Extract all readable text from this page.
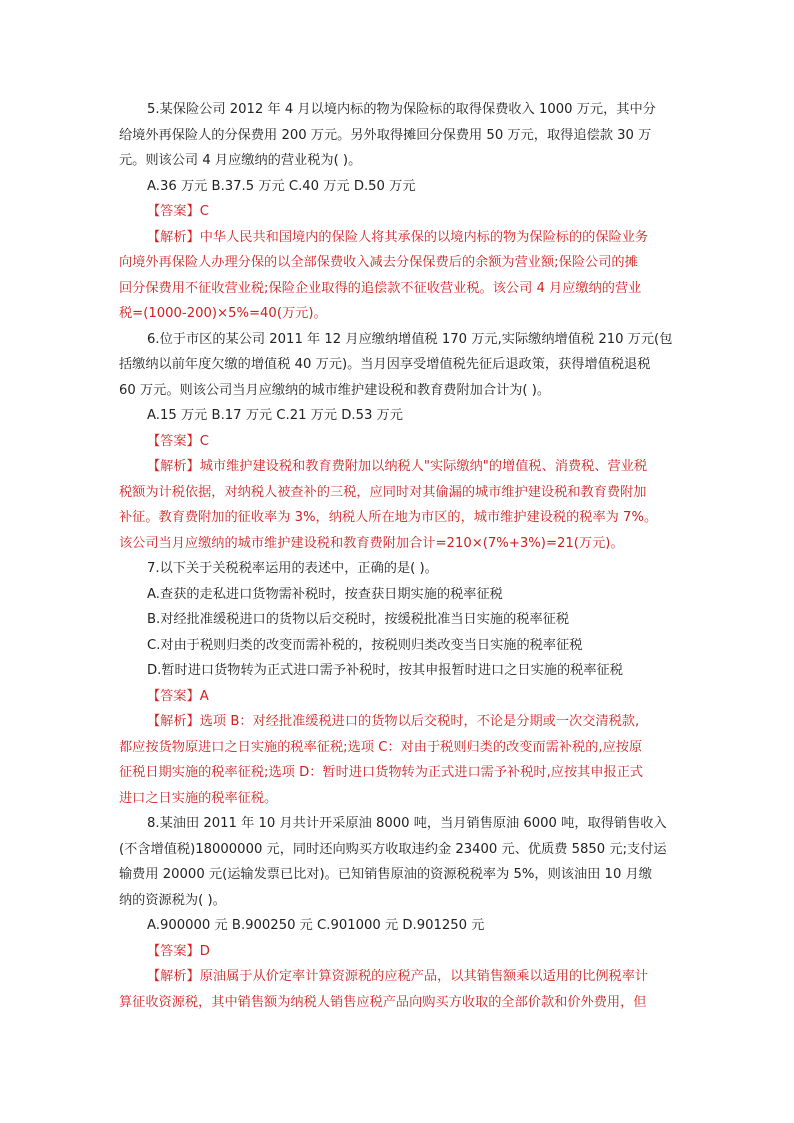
5.某保险公司 2012 年 4 月以境内标的物为保险标的取得保费收入 1000 万元，其中分
给境外再保险人的分保费用 200 万元。另外取得摊回分保费用 50 万元，取得追偿款 30 万
元。则该公司 4 月应缴纳的营业税为( )。
A.36 万元 B.37.5 万元 C.40 万元 D.50 万元
【答案】C
【解析】中华人民共和国境内的保险人将其承保的以境内标的物为保险标的的保险业务
向境外再保险人办理分保的以全部保费收入减去分保保费后的余额为营业额;保险公司的摊
回分保费用不征收营业税;保险企业取得的追偿款不征收营业税。该公司 4 月应缴纳的营业
税=(1000-200)×5%=40(万元)。
6.位于市区的某公司 2011 年 12 月应缴纳增值税 170 万元,实际缴纳增值税 210 万元(包
括缴纳以前年度欠缴的增值税 40 万元)。当月因享受增值税先征后退政策，获得增值税退税
60 万元。则该公司当月应缴纳的城市维护建设税和教育费附加合计为( )。
A.15 万元 B.17 万元 C.21 万元 D.53 万元
【答案】C
【解析】城市维护建设税和教育费附加以纳税人"实际缴纳"的增值税、消费税、营业税
税额为计税依据，对纳税人被查补的三税，应同时对其偷漏的城市维护建设税和教育费附加
补征。教育费附加的征收率为 3%，纳税人所在地为市区的，城市维护建设税的税率为 7%。
该公司当月应缴纳的城市维护建设税和教育费附加合计=210×(7%+3%)=21(万元)。
7.以下关于关税税率运用的表述中，正确的是( )。
A.查获的走私进口货物需补税时，按查获日期实施的税率征税
B.对经批准缓税进口的货物以后交税时，按缓税批准当日实施的税率征税
C.对由于税则归类的改变而需补税的，按税则归类改变当日实施的税率征税
D.暂时进口货物转为正式进口需予补税时，按其申报暂时进口之日实施的税率征税
【答案】A
【解析】选项 B：对经批准缓税进口的货物以后交税时，不论是分期或一次交清税款,
都应按货物原进口之日实施的税率征税;选项 C：对由于税则归类的改变而需补税的,应按原
征税日期实施的税率征税;选项 D：暂时进口货物转为正式进口需予补税时,应按其申报正式
进口之日实施的税率征税。
8.某油田 2011 年 10 月共计开采原油 8000 吨，当月销售原油 6000 吨，取得销售收入
(不含增值税)18000000 元，同时还向购买方收取违约金 23400 元、优质费 5850 元;支付运
输费用 20000 元(运输发票已比对)。已知销售原油的资源税税率为 5%，则该油田 10 月缴
纳的资源税为( )。
A.900000 元 B.900250 元 C.901000 元 D.901250 元
【答案】D
【解析】原油属于从价定率计算资源税的应税产品，以其销售额乘以适用的比例税率计
算征收资源税，其中销售额为纳税人销售应税产品向购买方收取的全部价款和价外费用，但
